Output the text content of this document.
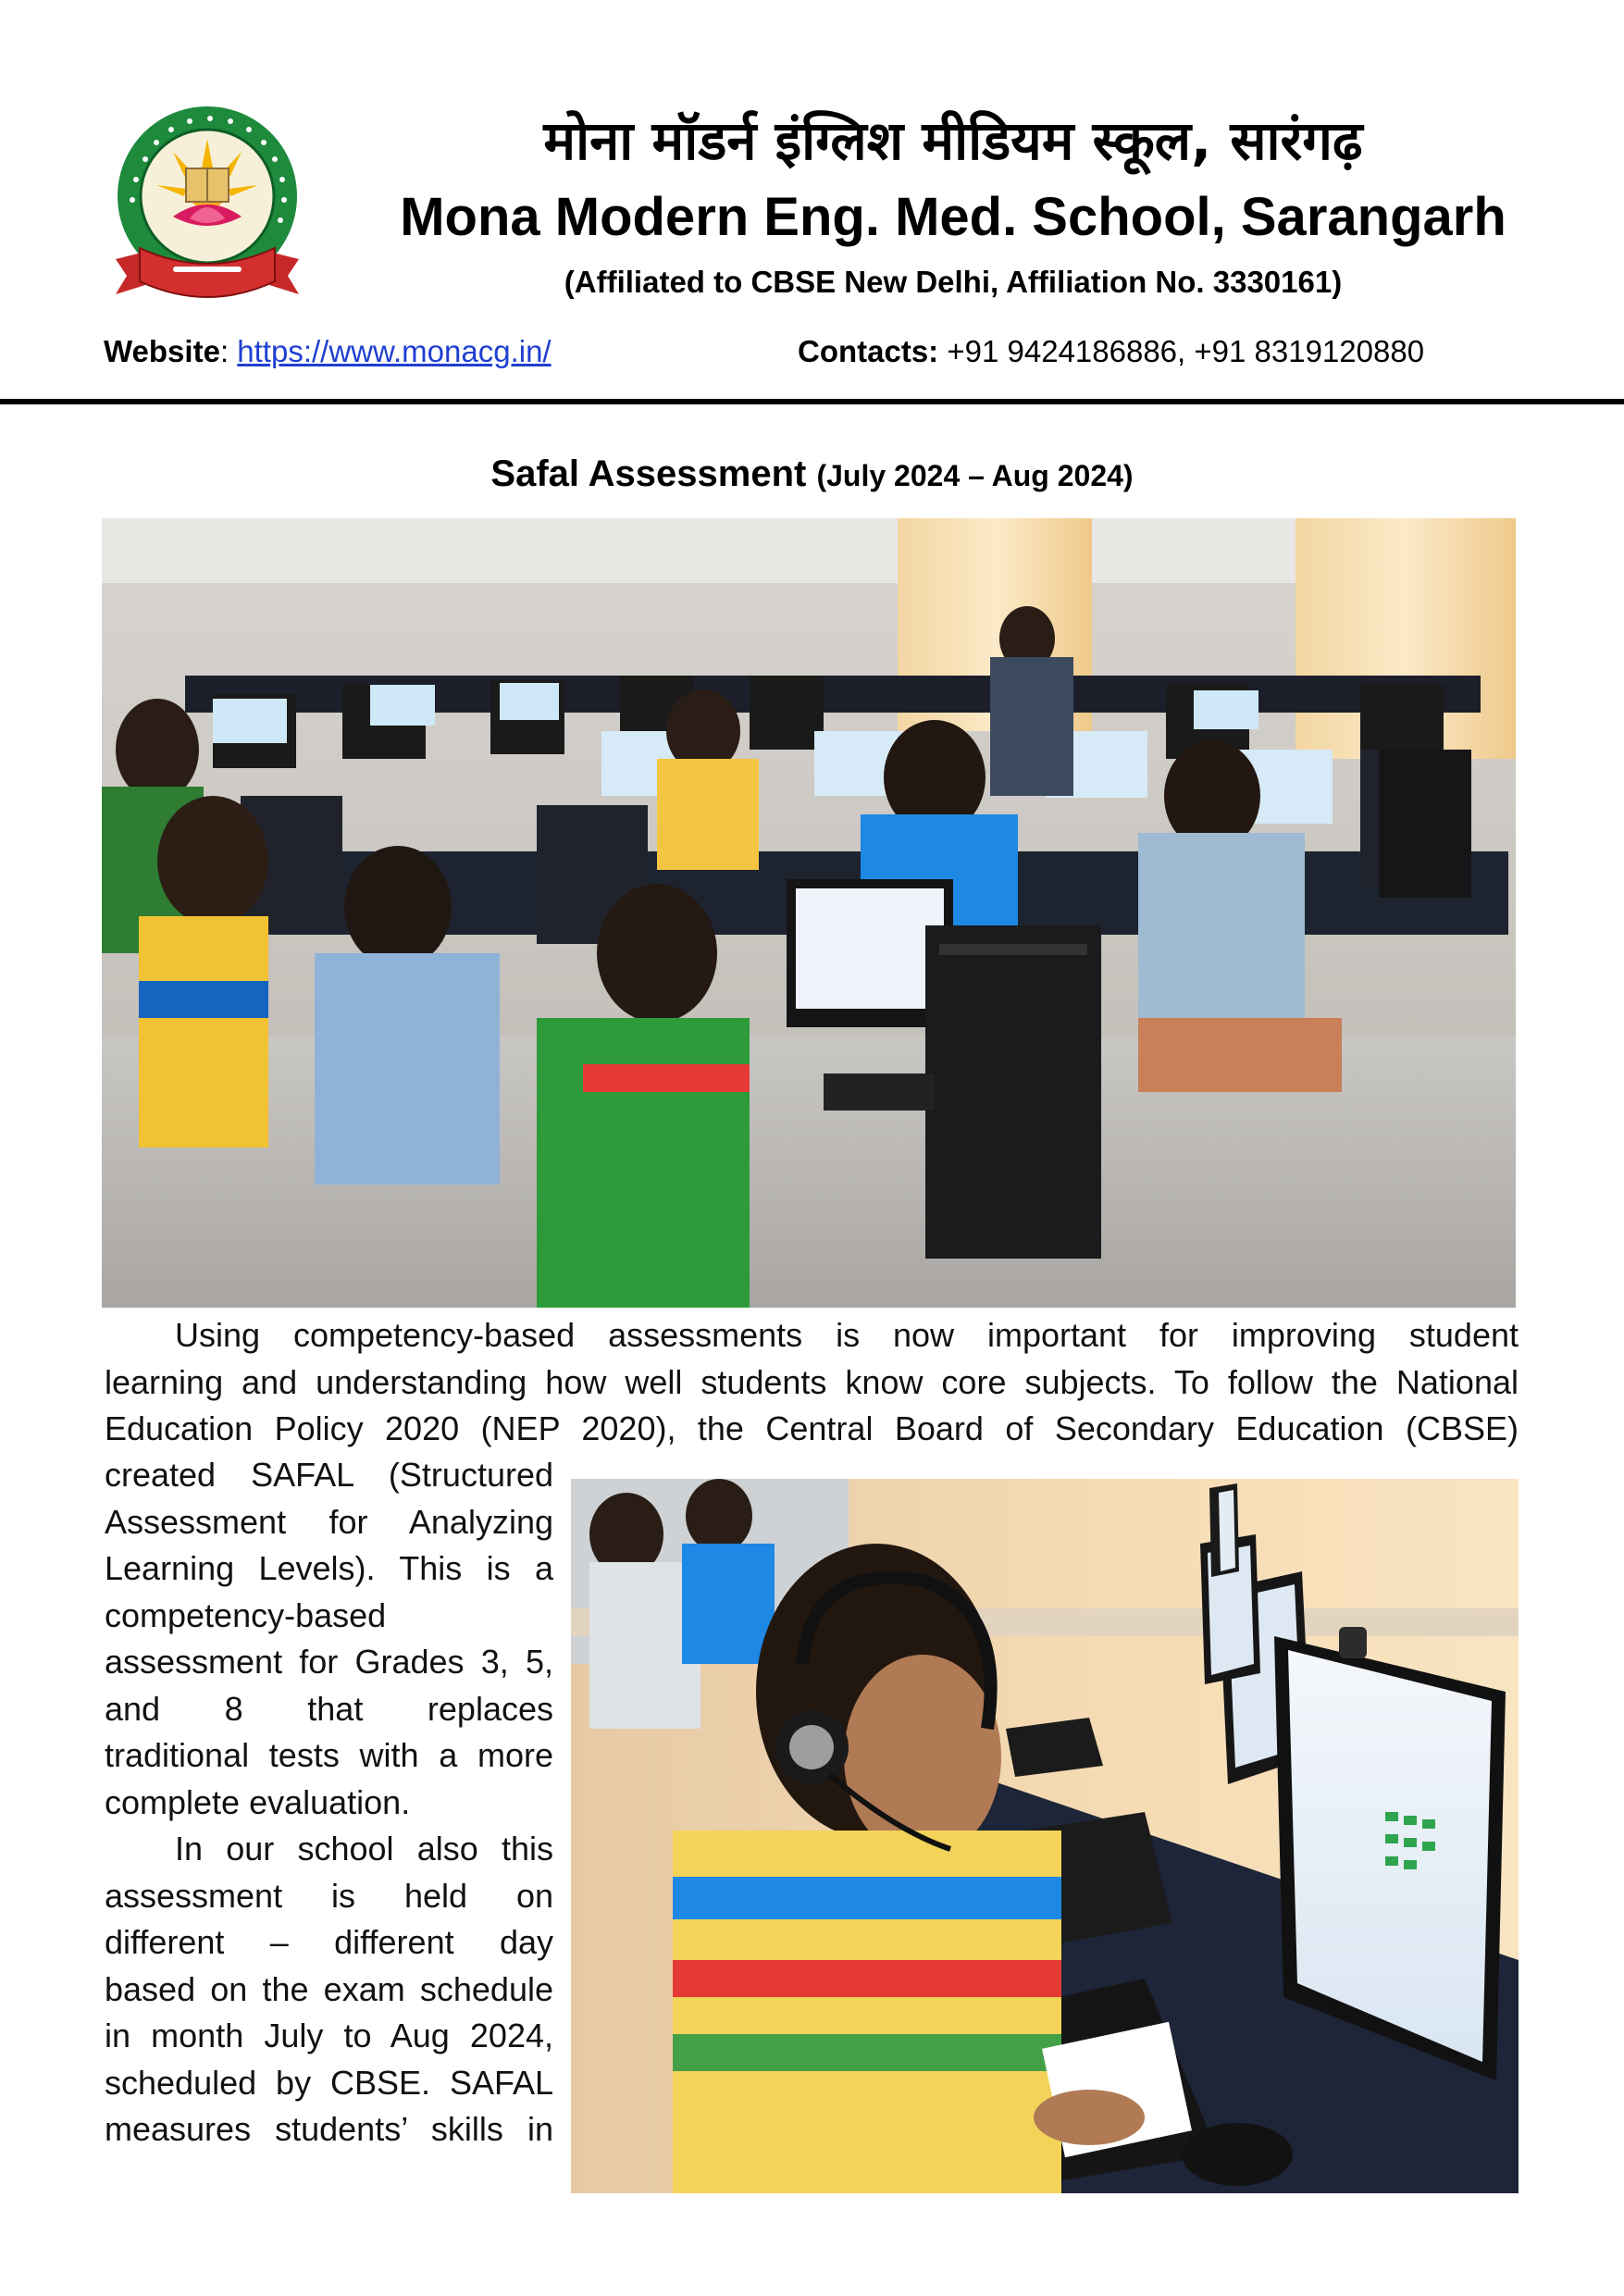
मोना मॉडर्न इंग्लिश मीडियम स्कूल, सारंगढ़
Mona Modern Eng. Med. School, Sarangarh
(Affiliated to CBSE New Delhi, Affiliation No. 3330161)
Website: https://www.monacg.in/	Contacts: +91 9424186886, +91 8319120880
Safal Assessment (July 2024 – Aug 2024)
Using competency-based assessments is now important for improving student
learning and understanding how well students know core subjects. To follow the National
Education Policy 2020 (NEP 2020), the Central Board of Secondary Education (CBSE)
created SAFAL (Structured
Assessment for Analyzing
Learning Levels). This is a
competency-based
assessment for Grades 3, 5,
and 8 that replaces
traditional tests with a more
complete evaluation.
In our school also this
assessment is held on
different – different day
based on the exam schedule
in month July to Aug 2024,
scheduled by CBSE. SAFAL
measures students’ skills in
